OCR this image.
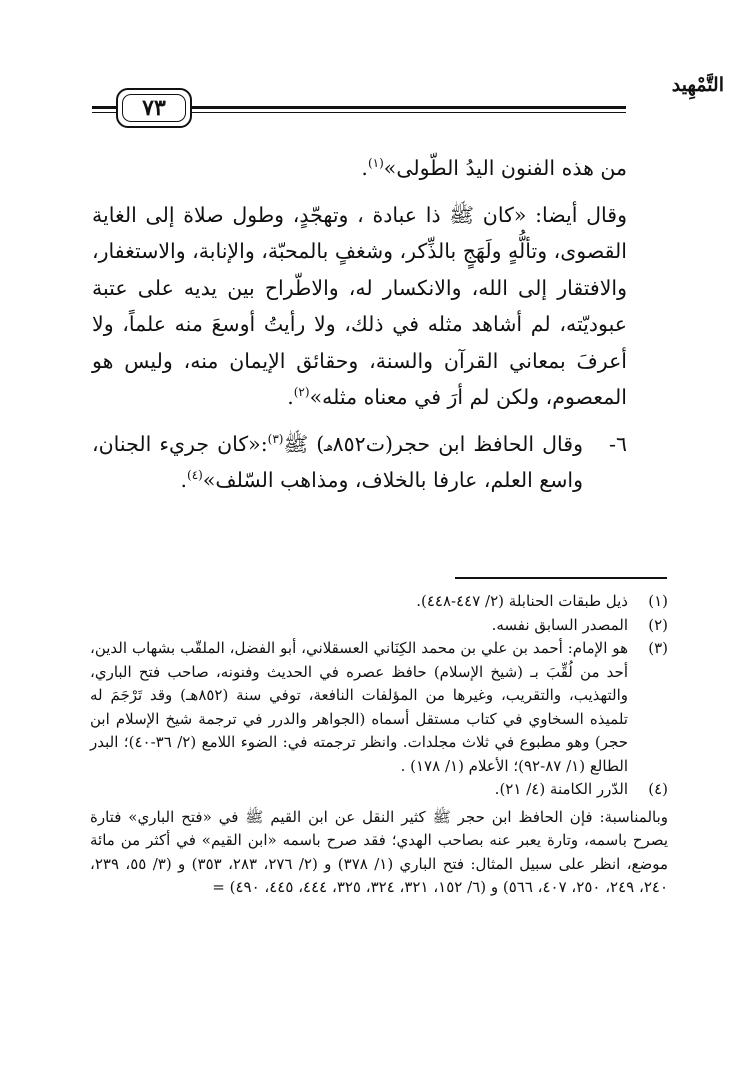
٧٣
التَّمْهِيد

من هذه الفنون اليدُ الطّولى»$^{(١)}$.

وقال أيضا: «كان ﷺ ذا عبادة ، وتهجّدٍ، وطول صلاة إلى الغاية القصوى، وتألُّهٍ ولَهَجٍ بالذِّكر، وشغفٍ بالمحبّة، والإنابة، والاستغفار، والافتقار إلى الله، والانكسار له، والاطّراح بين يديه على عتبة عبوديّته، لم أشاهد مثله في ذلك، ولا رأيتُ أوسعَ منه علماً، ولا أعرفَ بمعاني القرآن والسنة، وحقائق الإيمان منه، وليس هو المعصوم، ولكن لم أرَ في معناه مثله»$^{(٢)}$.

٦-
وقال الحافظ ابن حجر(ت٨٥٢هـ) ﷺ$^{(٣)}$:«كان جريء الجنان، واسع العلم، عارفا بالخلاف، ومذاهب السّلف»$^{(٤)}$.
(١)
ذيل طبقات الحنابلة (٢/ ٤٤٧-٤٤٨).
(٢)
المصدر السابق نفسه.
(٣)
هو الإمام: أحمد بن علي بن محمد الكِنَاني العسقلاني، أبو الفضل، الملقّب بشهاب الدين، أحد من لُقِّبَ بـ (شيخ الإسلام) حافظ عصره في الحديث وفنونه، صاحب فتح الباري، والتهذيب، والتقريب، وغيرها من المؤلفات النافعة، توفي سنة (٨٥٢هـ) وقد تَرْجَمَ له تلميذه السخاوي في كتاب مستقل أسماه (الجواهر والدرر في ترجمة شيخ الإسلام ابن حجر) وهو مطبوع في ثلاث مجلدات. وانظر ترجمته في: الضوء اللامع (٢/ ٣٦-٤٠)؛ البدر الطالع (١/ ٨٧-٩٢)؛ الأعلام (١/ ١٧٨) .
(٤)
الدّرر الكامنة (٤/ ٢١).
وبالمناسبة: فإن الحافظ ابن حجر ﷺ كثير النقل عن ابن القيم ﷺ في «فتح الباري» فتارة يصرح باسمه، وتارة يعبر عنه بصاحب الهدي؛ فقد صرح باسمه «ابن القيم» في أكثر من مائة موضع، انظر على سبيل المثال: فتح الباري (١/ ٣٧٨) و (٢/ ٢٧٦، ٢٨٣، ٣٥٣) و (٣/ ٥٥، ٢٣٩، ٢٤٠، ٢٤٩، ٢٥٠، ٤٠٧، ٥٦٦) و (٦/ ١٥٢، ٣٢١، ٣٢٤، ٣٢٥، ٤٤٤، ٤٤٥، ٤٩٠) =
